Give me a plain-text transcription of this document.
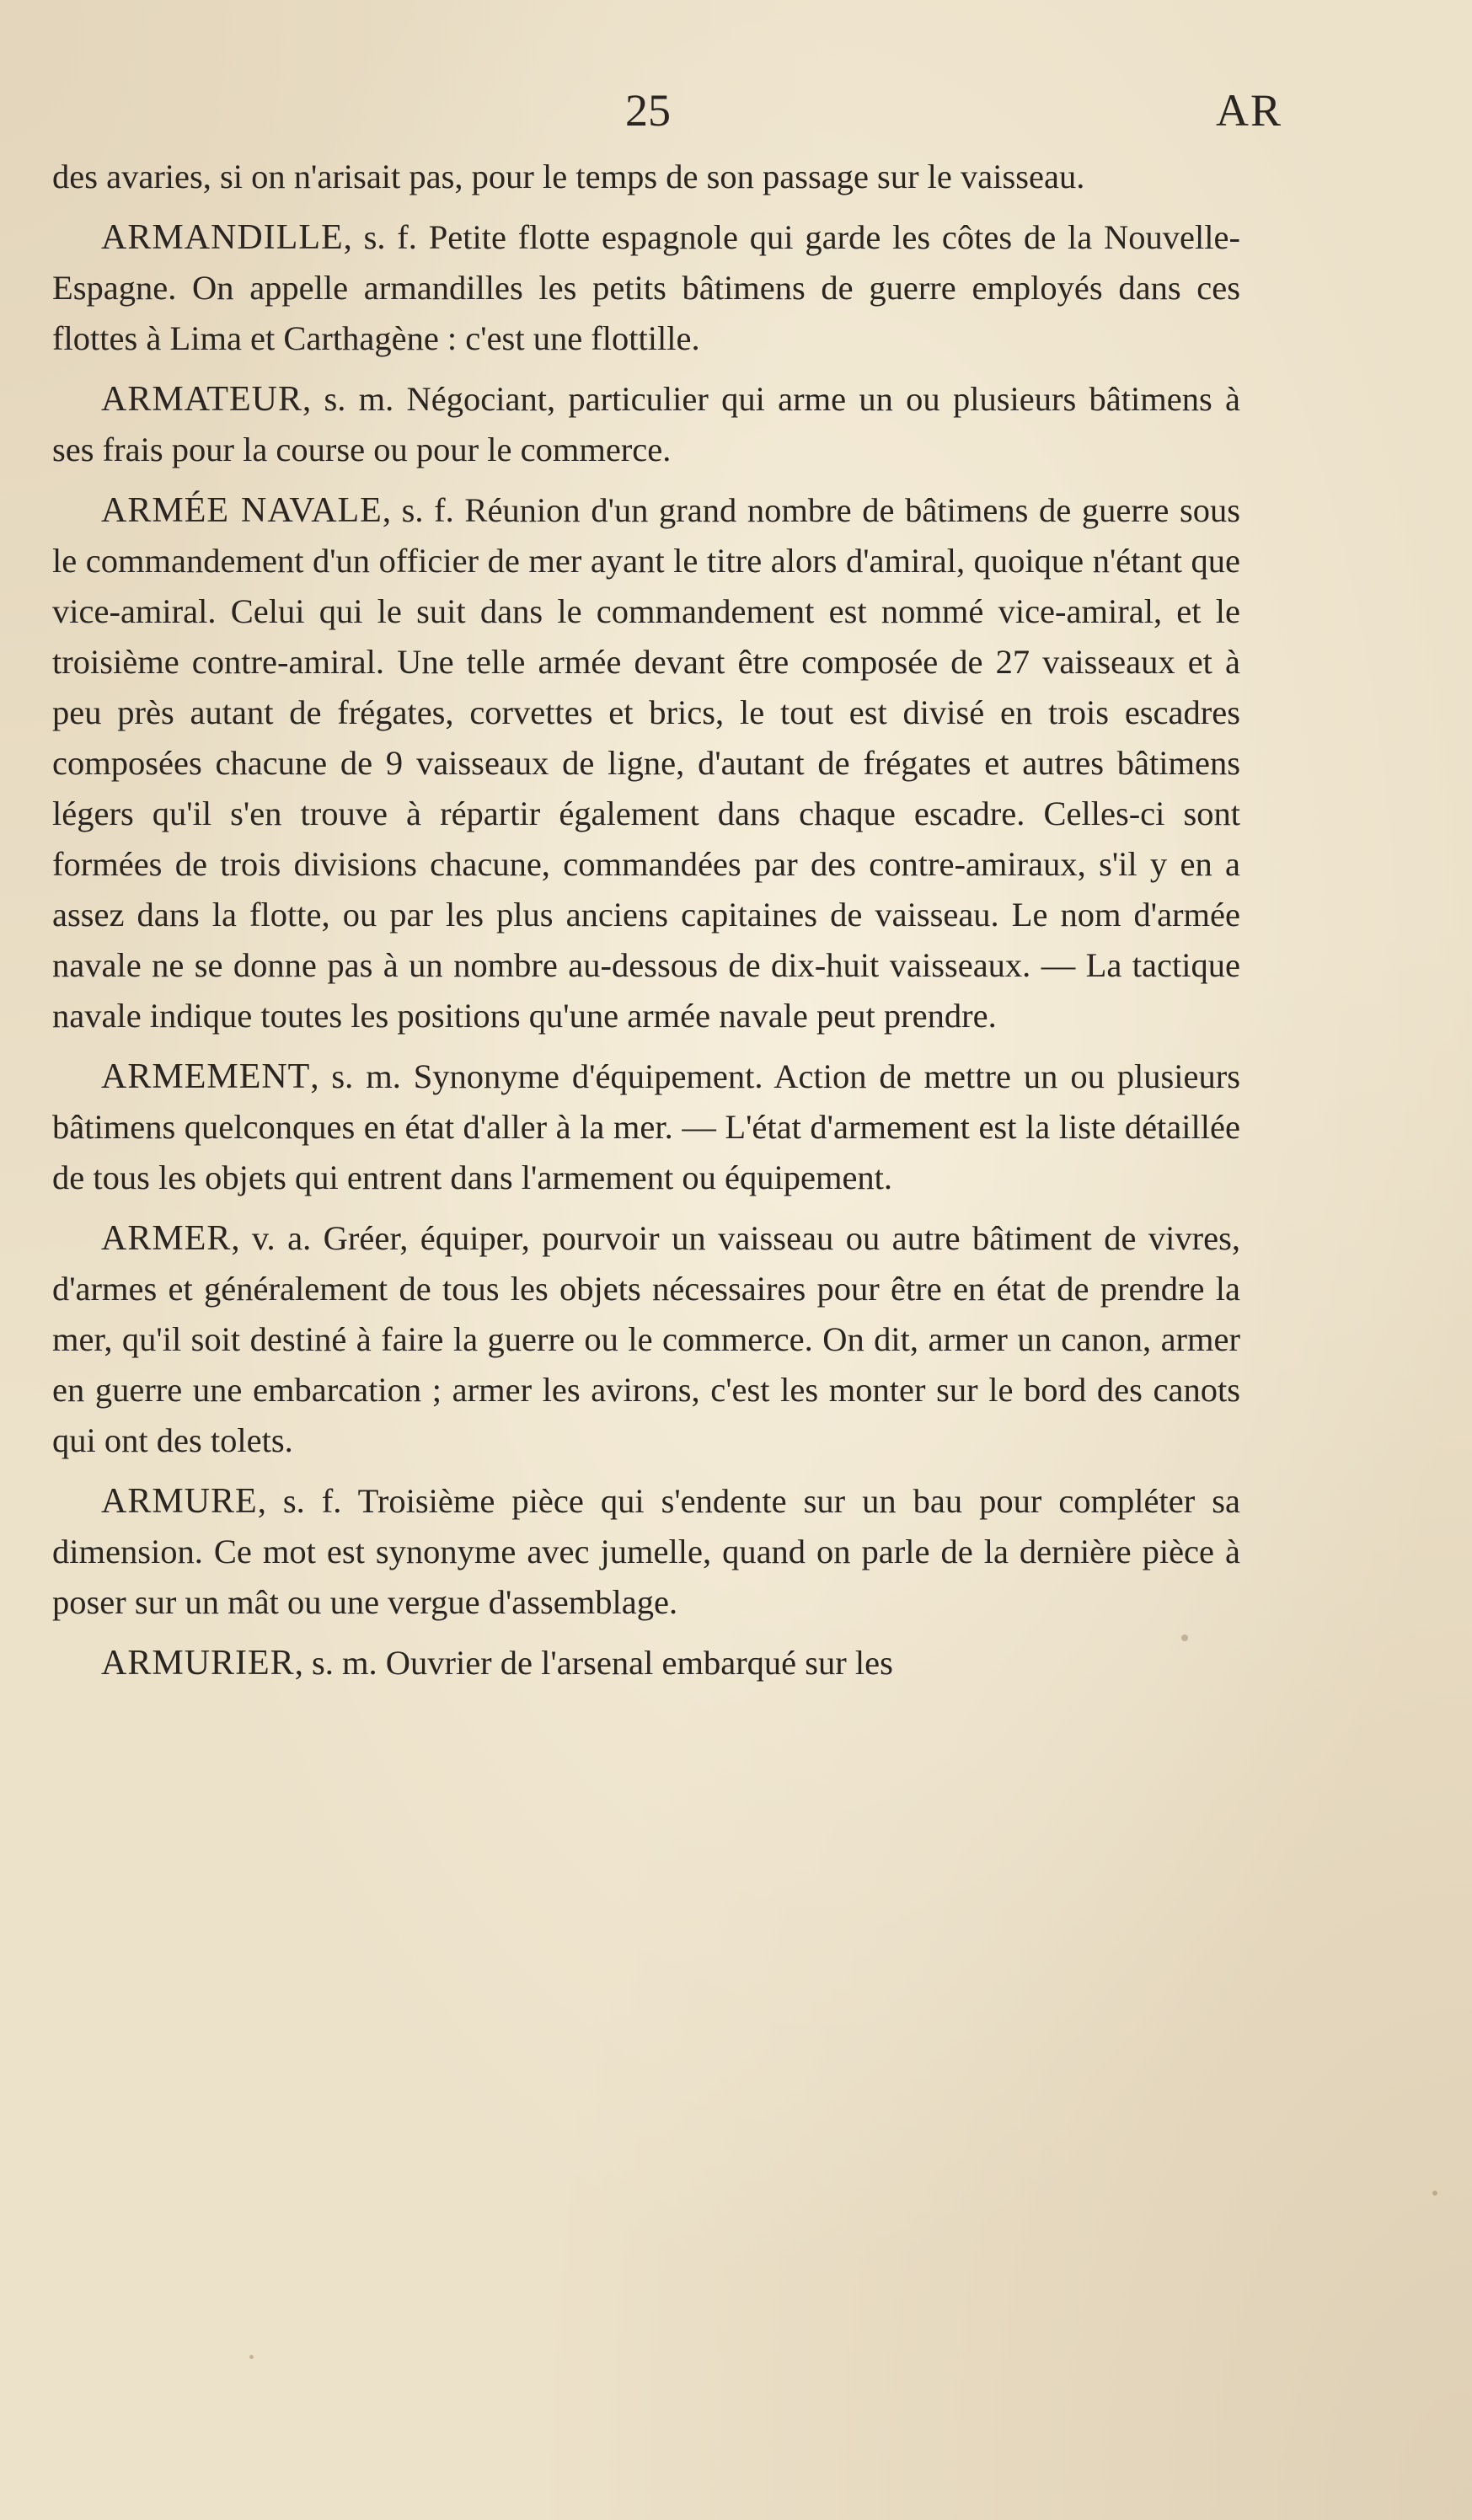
25	AR

des avaries, si on n'arisait pas, pour le temps de son passage sur le vaisseau.

ARMANDILLE, s. f. Petite flotte espagnole qui garde les côtes de la Nouvelle-Espagne. On appelle armandilles les petits bâtimens de guerre employés dans ces flottes à Lima et Carthagène : c'est une flottille.

ARMATEUR, s. m. Négociant, particulier qui arme un ou plusieurs bâtimens à ses frais pour la course ou pour le commerce.

ARMÉE NAVALE, s. f. Réunion d'un grand nombre de bâtimens de guerre sous le commandement d'un officier de mer ayant le titre alors d'amiral, quoique n'étant que vice-amiral. Celui qui le suit dans le commandement est nommé vice-amiral, et le troisième contre-amiral. Une telle armée devant être composée de 27 vaisseaux et à peu près autant de frégates, corvettes et brics, le tout est divisé en trois escadres composées chacune de 9 vaisseaux de ligne, d'autant de frégates et autres bâtimens légers qu'il s'en trouve à répartir également dans chaque escadre. Celles-ci sont formées de trois divisions chacune, commandées par des contre-amiraux, s'il y en a assez dans la flotte, ou par les plus anciens capitaines de vaisseau. Le nom d'armée navale ne se donne pas à un nombre au-dessous de dix-huit vaisseaux. — La tactique navale indique toutes les positions qu'une armée navale peut prendre.

ARMEMENT, s. m. Synonyme d'équipement. Action de mettre un ou plusieurs bâtimens quelconques en état d'aller à la mer. — L'état d'armement est la liste détaillée de tous les objets qui entrent dans l'armement ou équipement.

ARMER, v. a. Gréer, équiper, pourvoir un vaisseau ou autre bâtiment de vivres, d'armes et généralement de tous les objets nécessaires pour être en état de prendre la mer, qu'il soit destiné à faire la guerre ou le commerce. On dit, armer un canon, armer en guerre une embarcation ; armer les avirons, c'est les monter sur le bord des canots qui ont des tolets.

ARMURE, s. f. Troisième pièce qui s'endente sur un bau pour compléter sa dimension. Ce mot est synonyme avec jumelle, quand on parle de la dernière pièce à poser sur un mât ou une vergue d'assemblage.

ARMURIER, s. m. Ouvrier de l'arsenal embarqué sur les
